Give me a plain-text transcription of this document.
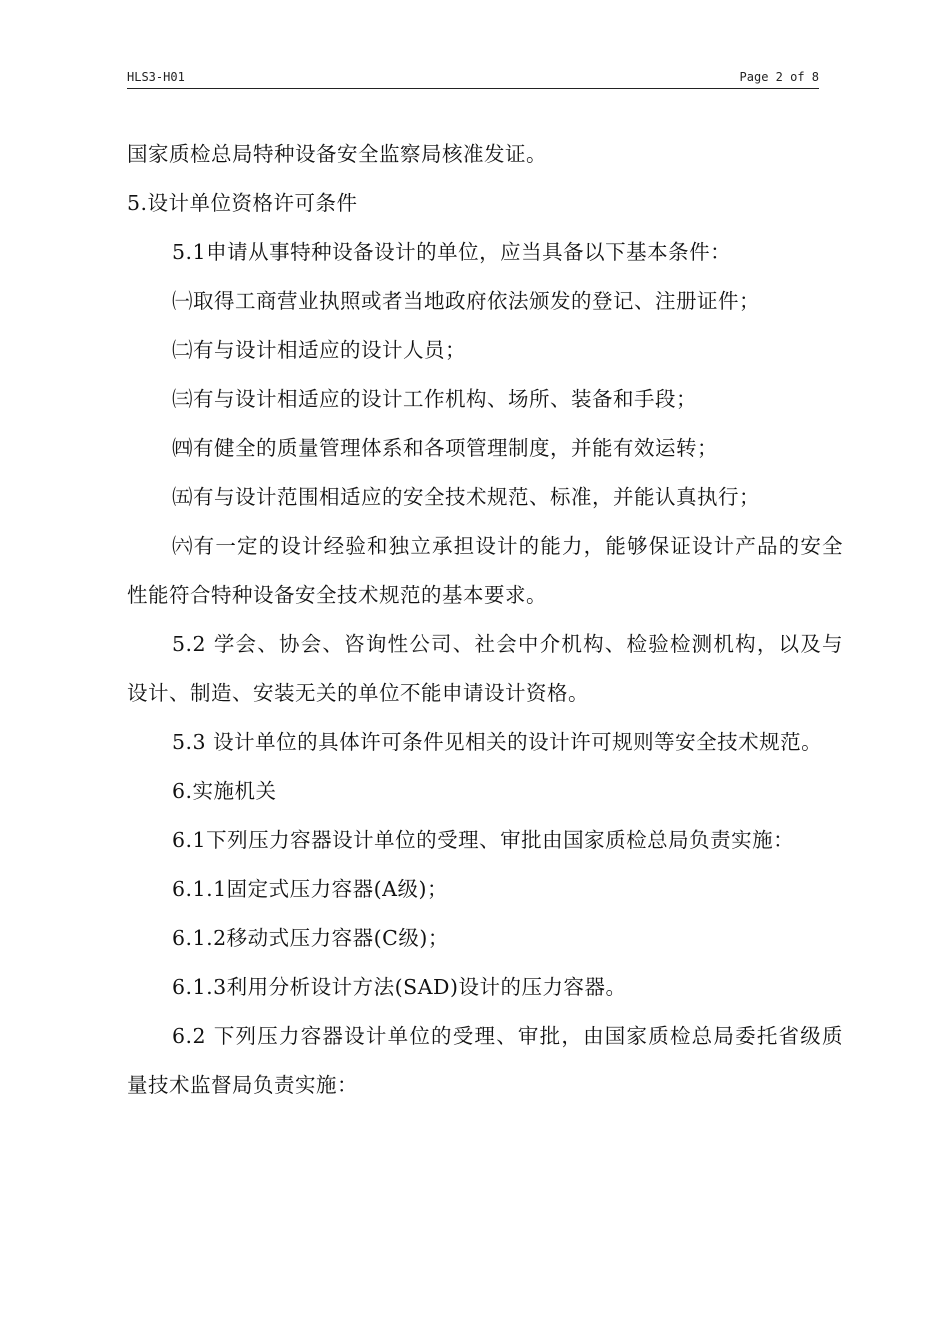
HLS3-H01	Page 2 of 8

国家质检总局特种设备安全监察局核准发证。

5.设计单位资格许可条件

5.1申请从事特种设备设计的单位，应当具备以下基本条件：

㈠取得工商营业执照或者当地政府依法颁发的登记、注册证件；

㈡有与设计相适应的设计人员；

㈢有与设计相适应的设计工作机构、场所、装备和手段；

㈣有健全的质量管理体系和各项管理制度，并能有效运转；

㈤有与设计范围相适应的安全技术规范、标准，并能认真执行；

㈥有一定的设计经验和独立承担设计的能力，能够保证设计产品的安全性能符合特种设备安全技术规范的基本要求。

5.2 学会、协会、咨询性公司、社会中介机构、检验检测机构，以及与设计、制造、安装无关的单位不能申请设计资格。

5.3 设计单位的具体许可条件见相关的设计许可规则等安全技术规范。

6.实施机关

6.1下列压力容器设计单位的受理、审批由国家质检总局负责实施：

6.1.1固定式压力容器(A级)；

6.1.2移动式压力容器(C级)；

6.1.3利用分析设计方法(SAD)设计的压力容器。

6.2 下列压力容器设计单位的受理、审批，由国家质检总局委托省级质量技术监督局负责实施：
